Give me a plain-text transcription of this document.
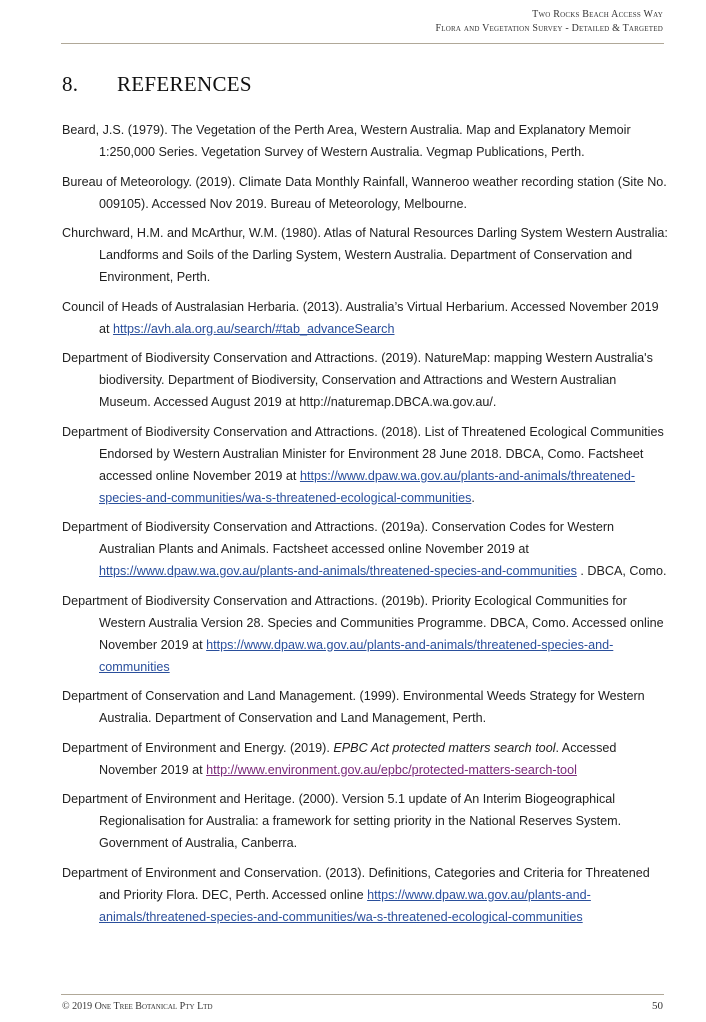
Two Rocks Beach Access Way
Flora and Vegetation Survey - Detailed & Targeted
8. REFERENCES

Beard, J.S. (1979). The Vegetation of the Perth Area, Western Australia. Map and Explanatory Memoir 1:250,000 Series. Vegetation Survey of Western Australia. Vegmap Publications, Perth.

Bureau of Meteorology. (2019). Climate Data Monthly Rainfall, Wanneroo weather recording station (Site No. 009105). Accessed Nov 2019. Bureau of Meteorology, Melbourne.

Churchward, H.M. and McArthur, W.M. (1980). Atlas of Natural Resources Darling System Western Australia: Landforms and Soils of the Darling System, Western Australia. Department of Conservation and Environment, Perth.

Council of Heads of Australasian Herbaria. (2013). Australia’s Virtual Herbarium. Accessed November 2019 at https://avh.ala.org.au/search/#tab_advanceSearch

Department of Biodiversity Conservation and Attractions. (2019). NatureMap: mapping Western Australia's biodiversity. Department of Biodiversity, Conservation and Attractions and Western Australian Museum. Accessed August 2019 at http://naturemap.DBCA.wa.gov.au/.

Department of Biodiversity Conservation and Attractions. (2018). List of Threatened Ecological Communities Endorsed by Western Australian Minister for Environment 28 June 2018. DBCA, Como. Factsheet accessed online November 2019 at https://www.dpaw.wa.gov.au/plants-and-animals/threatened-species-and-communities/wa-s-threatened-ecological-communities.

Department of Biodiversity Conservation and Attractions. (2019a). Conservation Codes for Western Australian Plants and Animals. Factsheet accessed online November 2019 at https://www.dpaw.wa.gov.au/plants-and-animals/threatened-species-and-communities . DBCA, Como.

Department of Biodiversity Conservation and Attractions. (2019b). Priority Ecological Communities for Western Australia Version 28. Species and Communities Programme. DBCA, Como. Accessed online November 2019 at https://www.dpaw.wa.gov.au/plants-and-animals/threatened-species-and-communities

Department of Conservation and Land Management. (1999). Environmental Weeds Strategy for Western Australia. Department of Conservation and Land Management, Perth.

Department of Environment and Energy. (2019). EPBC Act protected matters search tool. Accessed November 2019 at http://www.environment.gov.au/epbc/protected-matters-search-tool

Department of Environment and Heritage. (2000). Version 5.1 update of An Interim Biogeographical Regionalisation for Australia: a framework for setting priority in the National Reserves System. Government of Australia, Canberra.

Department of Environment and Conservation. (2013). Definitions, Categories and Criteria for Threatened and Priority Flora. DEC, Perth. Accessed online https://www.dpaw.wa.gov.au/plants-and-animals/threatened-species-and-communities/wa-s-threatened-ecological-communities

© 2019 One Tree Botanical Pty Ltd	50
